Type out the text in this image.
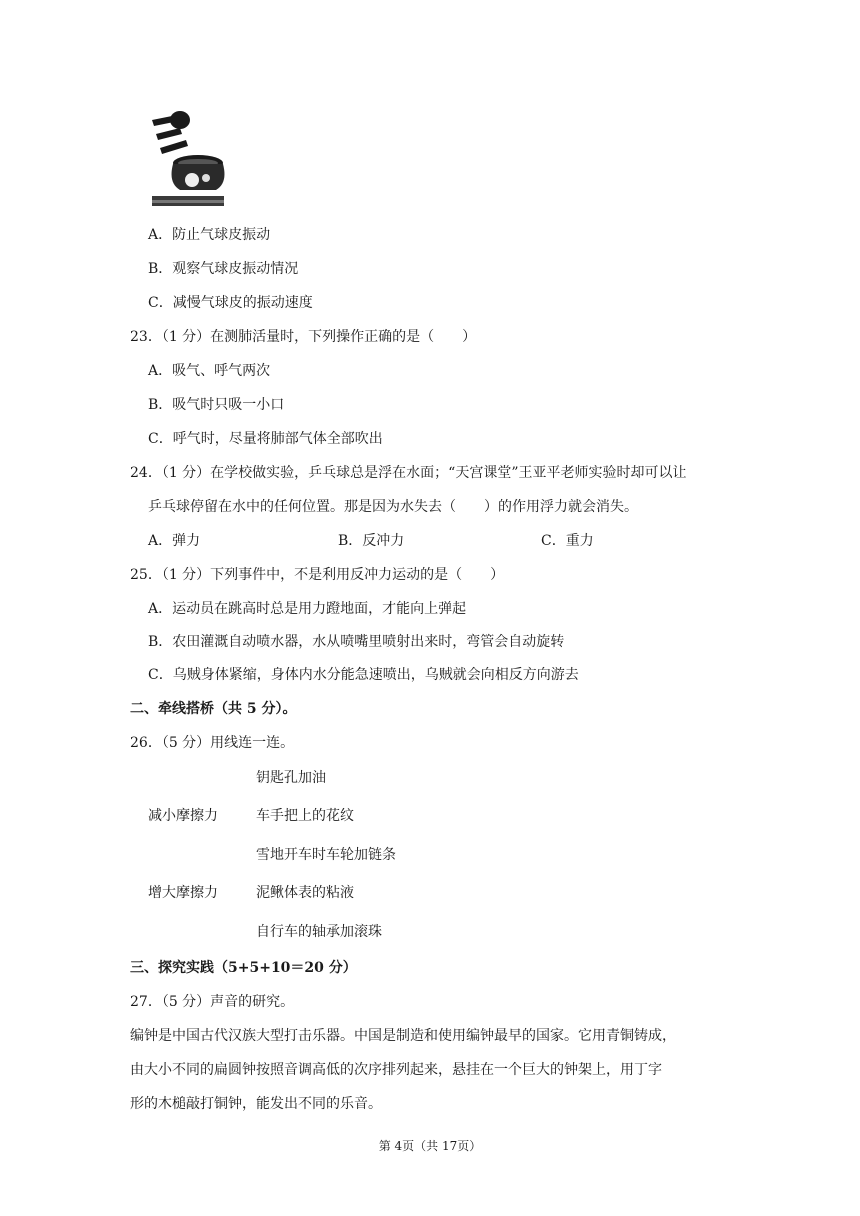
A．防止气球皮振动
B．观察气球皮振动情况
C．减慢气球皮的振动速度
23．（1 分）在测肺活量时，下列操作正确的是（　　）
A．吸气、呼气两次
B．吸气时只吸一小口
C．呼气时，尽量将肺部气体全部吹出
24．（1 分）在学校做实验，乒乓球总是浮在水面；“天宫课堂”王亚平老师实验时却可以让
乒乓球停留在水中的任何位置。那是因为水失去（　　）的作用浮力就会消失。
A．弹力	B．反冲力	C．重力
25．（1 分）下列事件中，不是利用反冲力运动的是（　　）
A．运动员在跳高时总是用力蹬地面，才能向上弹起
B．农田灌溉自动喷水器，水从喷嘴里喷射出来时，弯管会自动旋转
C．乌贼身体紧缩，身体内水分能急速喷出，乌贼就会向相反方向游去
二、牵线搭桥（共 5 分）。
26．（5 分）用线连一连。
钥匙孔加油
减小摩擦力	车手把上的花纹
雪地开车时车轮加链条
增大摩擦力	泥鳅体表的粘液
自行车的轴承加滚珠
三、探究实践（5+5+10＝20 分）
27．（5 分）声音的研究。
编钟是中国古代汉族大型打击乐器。中国是制造和使用编钟最早的国家。它用青铜铸成，
由大小不同的扁圆钟按照音调高低的次序排列起来，悬挂在一个巨大的钟架上，用丁字
形的木槌敲打铜钟，能发出不同的乐音。
第 4页（共 17页）
